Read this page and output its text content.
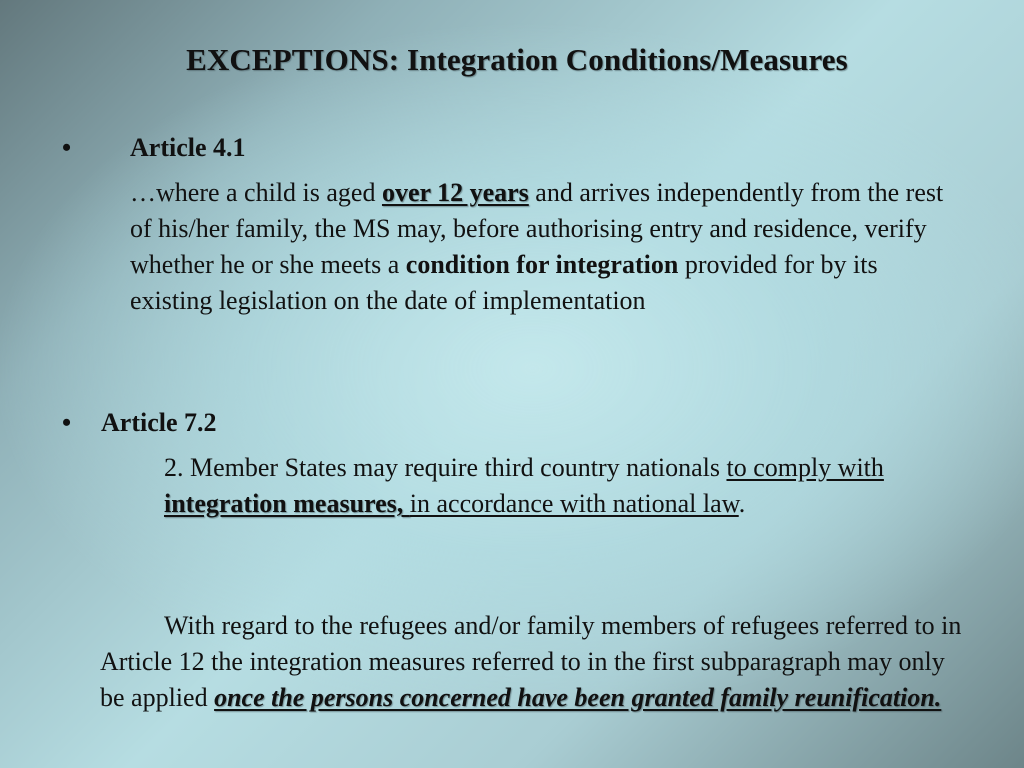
EXCEPTIONS: Integration Conditions/Measures
• Article 4.1

…where a child is aged over 12 years and arrives independently from the rest of his/her family, the MS may, before authorising entry and residence, verify whether he or she meets a condition for integration provided for by its existing legislation on the date of implementation

• Article 7.2

2. Member States may require third country nationals to comply with integration measures, in accordance with national law.

With regard to the refugees and/or family members of refugees referred to in Article 12 the integration measures referred to in the first subparagraph may only be applied once the persons concerned have been granted family reunification.
